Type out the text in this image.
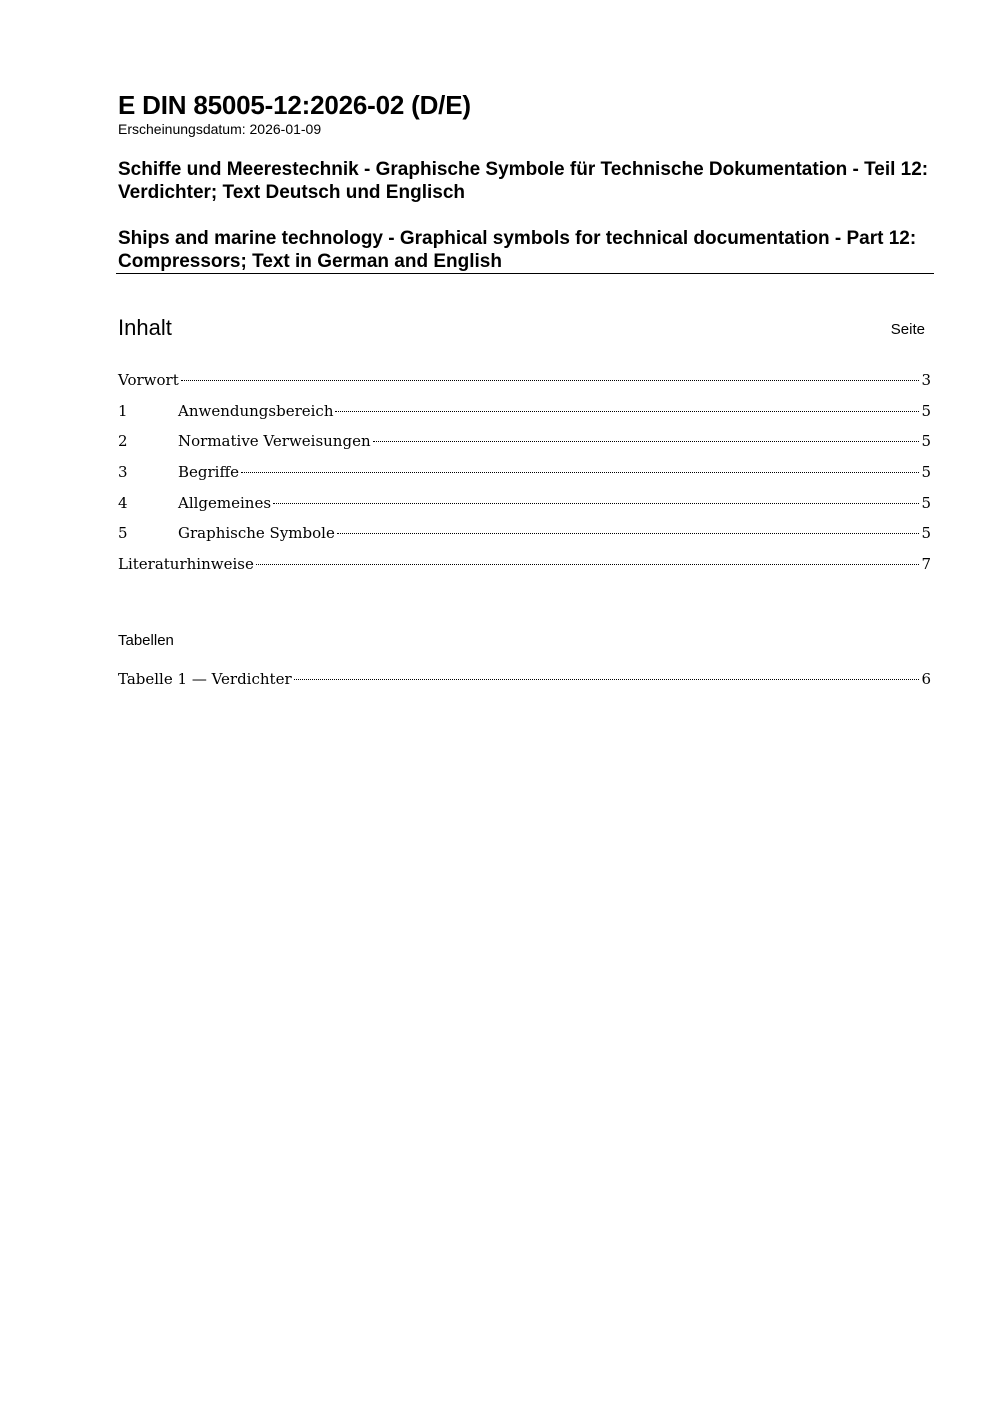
E DIN 85005-12:2026-02 (D/E)
Erscheinungsdatum: 2026-01-09

Schiffe und Meerestechnik - Graphische Symbole für Technische Dokumentation - Teil 12: Verdichter; Text Deutsch und Englisch

Ships and marine technology - Graphical symbols for technical documentation - Part 12: Compressors; Text in German and English

Inhalt	Seite
Vorwort	3
1	Anwendungsbereich	5
2	Normative Verweisungen	5
3	Begriffe	5
4	Allgemeines	5
5	Graphische Symbole	5
Literaturhinweise	7
Tabellen
Tabelle 1 — Verdichter	6
